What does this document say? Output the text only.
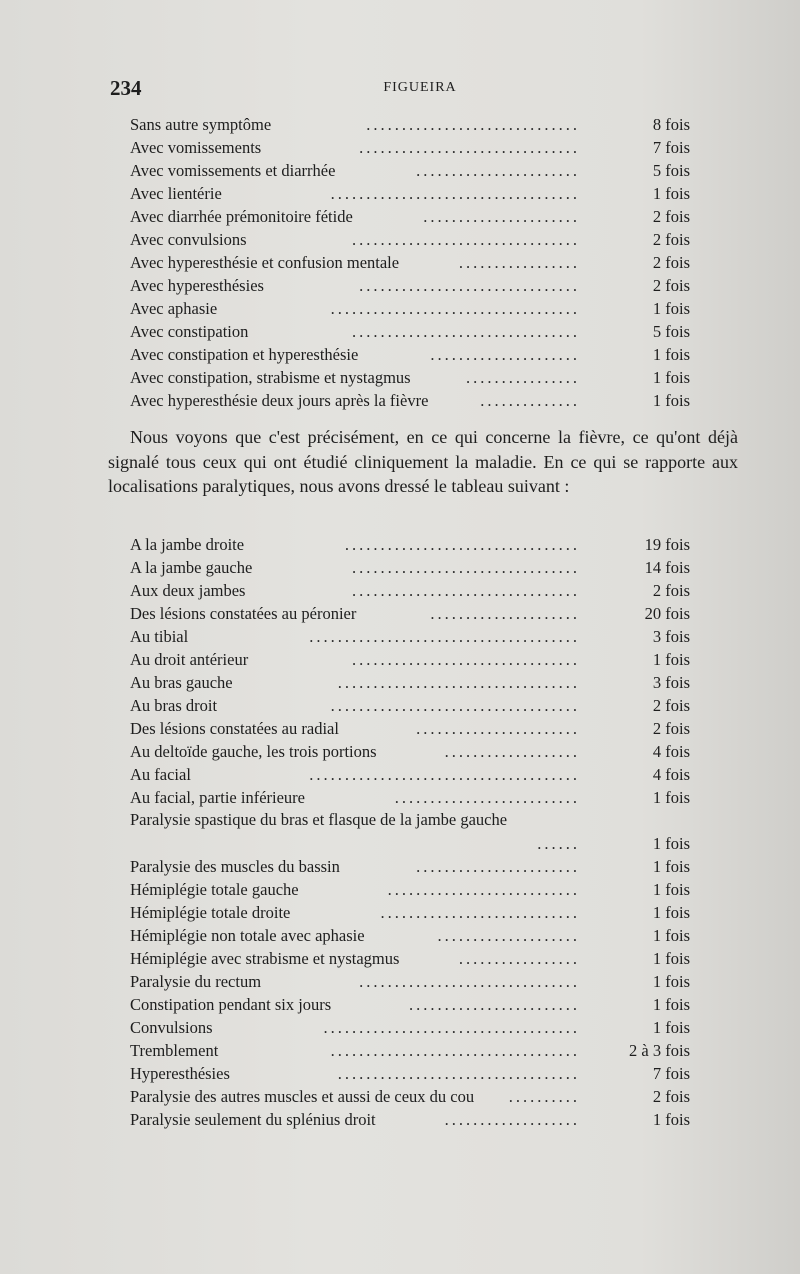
234	FIGUEIRA
Sans autre symptôme	..............................	8 fois
Avec vomissements	...............................	7 fois
Avec vomissements et diarrhée	.......................	5 fois
Avec lientérie	...................................	1 fois
Avec diarrhée prémonitoire fétide	......................	2 fois
Avec convulsions	................................	2 fois
Avec hyperesthésie et confusion mentale	.................	2 fois
Avec hyperesthésies	...............................	2 fois
Avec aphasie	...................................	1 fois
Avec constipation	................................	5 fois
Avec constipation et hyperesthésie	.....................	1 fois
Avec constipation, strabisme et nystagmus	................	1 fois
Avec hyperesthésie deux jours après la fièvre	..............	1 fois

Nous voyons que c'est précisément, en ce qui concerne la fièvre, ce qu'ont déjà signalé tous ceux qui ont étudié cliniquement la maladie. En ce qui se rapporte aux localisations paralytiques, nous avons dressé le tableau suivant :

A la jambe droite	.................................	19 fois
A la jambe gauche	................................	14 fois
Aux deux jambes	................................	2 fois
Des lésions constatées au péronier	.....................	20 fois
Au tibial	......................................	3 fois
Au droit antérieur	................................	1 fois
Au bras gauche	..................................	3 fois
Au bras droit	...................................	2 fois
Des lésions constatées au radial	.......................	2 fois
Au deltoïde gauche, les trois portions	...................	4 fois
Au facial	......................................	4 fois
Au facial, partie inférieure	..........................	1 fois
Paralysie spastique du bras et flasque de la jambe gauche
......	1 fois
Paralysie des muscles du bassin	.......................	1 fois
Hémiplégie totale gauche	...........................	1 fois
Hémiplégie totale droite	............................	1 fois
Hémiplégie non totale avec aphasie	....................	1 fois
Hémiplégie avec strabisme et nystagmus	.................	1 fois
Paralysie du rectum	...............................	1 fois
Constipation pendant six jours	........................	1 fois
Convulsions	....................................	1 fois
Tremblement	...................................	2 à 3 fois
Hyperesthésies	..................................	7 fois
Paralysie des autres muscles et aussi de ceux du cou ..........	2 fois
Paralysie seulement du splénius droit	...................	1 fois
